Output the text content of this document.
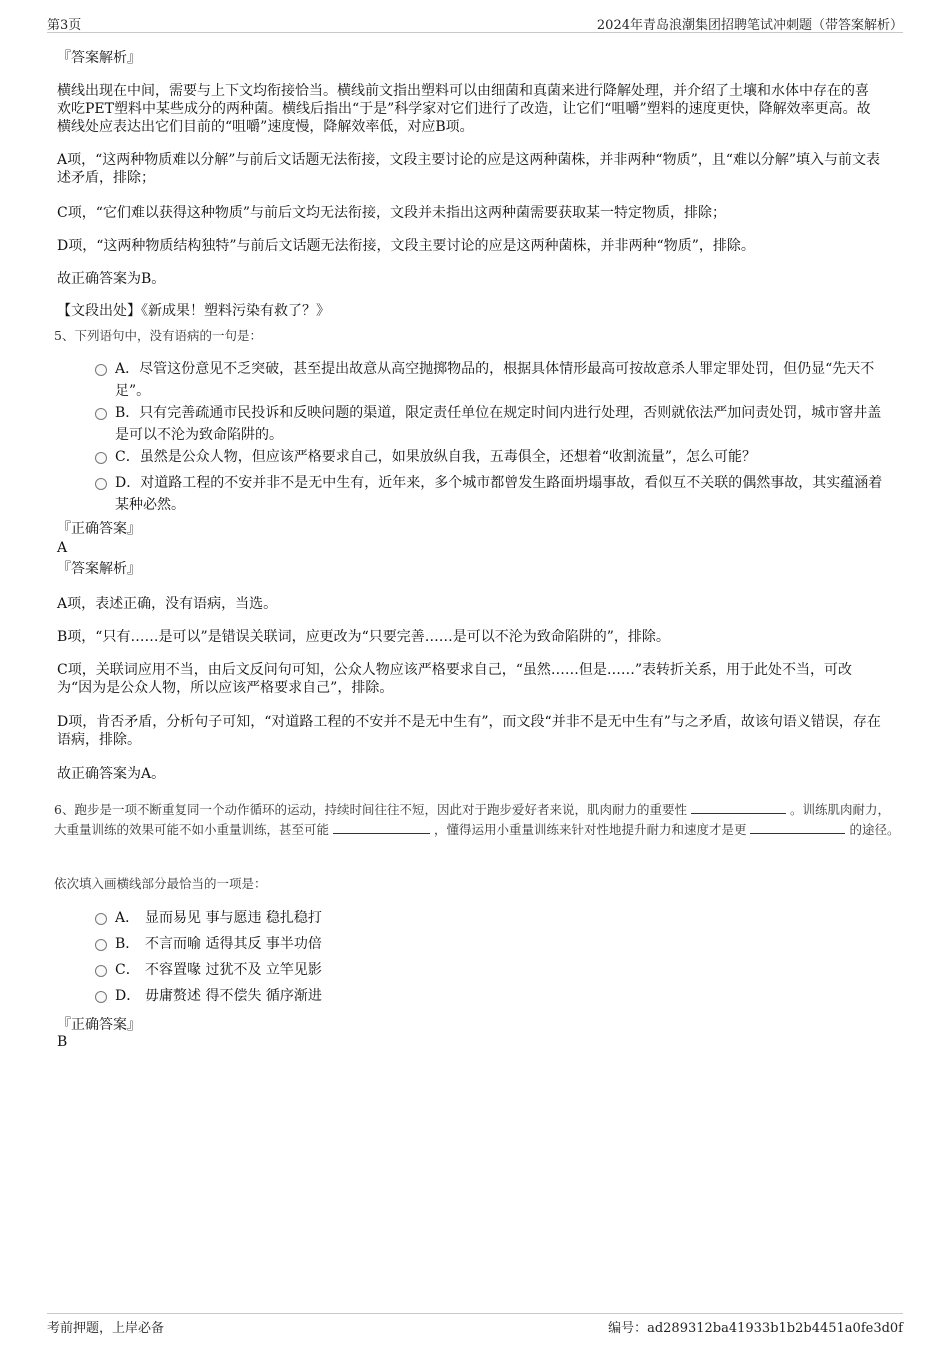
第3页	2024年青岛浪潮集团招聘笔试冲刺题（带答案解析）
『答案解析』
横线出现在中间，需要与上下文均衔接恰当。横线前文指出塑料可以由细菌和真菌来进行降解处理，并介绍了土壤和水体中存在的喜欢吃PET塑料中某些成分的两种菌。横线后指出“于是”科学家对它们进行了改造，让它们“咀嚼”塑料的速度更快，降解效率更高。故横线处应表达出它们目前的“咀嚼”速度慢，降解效率低，对应B项。
A项，“这两种物质难以分解”与前后文话题无法衔接，文段主要讨论的应是这两种菌株，并非两种“物质”，且“难以分解”填入与前文表述矛盾，排除；
C项，“它们难以获得这种物质”与前后文均无法衔接，文段并未指出这两种菌需要获取某一特定物质，排除；
D项，“这两种物质结构独特”与前后文话题无法衔接，文段主要讨论的应是这两种菌株，并非两种“物质”，排除。
故正确答案为B。
【文段出处】《新成果！塑料污染有救了？》
5、下列语句中，没有语病的一句是：
A．尽管这份意见不乏突破，甚至提出故意从高空抛掷物品的，根据具体情形最高可按故意杀人罪定罪处罚，但仍显“先天不足”。
B．只有完善疏通市民投诉和反映问题的渠道，限定责任单位在规定时间内进行处理，否则就依法严加问责处罚，城市窨井盖是可以不沦为致命陷阱的。
C．虽然是公众人物，但应该严格要求自己，如果放纵自我，五毒俱全，还想着“收割流量”，怎么可能？
D．对道路工程的不安并非不是无中生有，近年来，多个城市都曾发生路面坍塌事故，看似互不关联的偶然事故，其实蕴涵着某种必然。
『正确答案』
A
『答案解析』
A项，表述正确，没有语病，当选。
B项，“只有……是可以”是错误关联词，应更改为“只要完善……是可以不沦为致命陷阱的”，排除。
C项，关联词应用不当，由后文反问句可知，公众人物应该严格要求自己，“虽然……但是……”表转折关系，用于此处不当，可改为“因为是公众人物，所以应该严格要求自己”，排除。
D项，肯否矛盾，分析句子可知，“对道路工程的不安并不是无中生有”，而文段“并非不是无中生有”与之矛盾，故该句语义错误，存在语病，排除。
故正确答案为A。
6、跑步是一项不断重复同一个动作循环的运动，持续时间往往不短，因此对于跑步爱好者来说，肌肉耐力的重要性	。训练肌肉耐力，大重量训练的效果可能不如小重量训练，甚至可能	，懂得运用小重量训练来针对性地提升耐力和速度才是更	的途径。
依次填入画横线部分最恰当的一项是：
A． 显而易见 事与愿违 稳扎稳打
B． 不言而喻 适得其反 事半功倍
C． 不容置喙 过犹不及 立竿见影
D． 毋庸赘述 得不偿失 循序渐进
『正确答案』
B
考前押题，上岸必备	编号：ad289312ba41933b1b2b4451a0fe3d0f
